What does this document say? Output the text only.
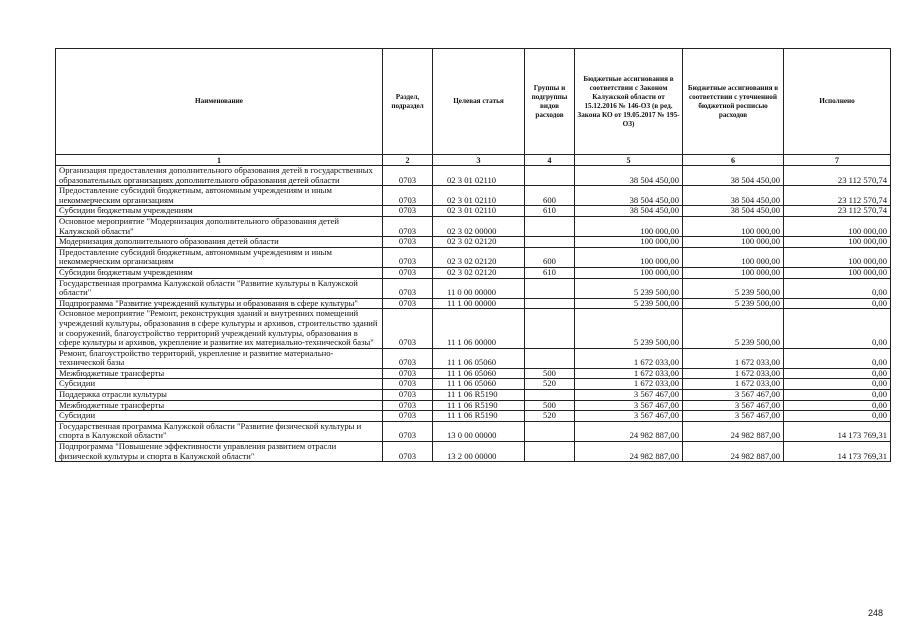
Наименование	Раздел, подраздел	Целевая статья	Группы и подгруппы видов расходов	Бюджетные ассигнования в соответствии с Законом Калужской области от 15.12.2016 № 146-ОЗ (в ред. Закона КО от 19.05.2017 № 195-ОЗ)	Бюджетные ассигнования в соответствии с уточненной бюджетной росписью расходов	Исполнено
1	2	3	4	5	6	7
Организация предоставления дополнительного образования детей в государственных образовательных организациях дополнительного образования детей области	0703	02 3 01 02110		38 504 450,00	38 504 450,00	23 112 570,74
Предоставление субсидий бюджетным, автономным учреждениям и иным некоммерческим организациям	0703	02 3 01 02110	600	38 504 450,00	38 504 450,00	23 112 570,74
Субсидии бюджетным учреждениям	0703	02 3 01 02110	610	38 504 450,00	38 504 450,00	23 112 570,74
Основное мероприятие "Модернизация дополнительного образования детей Калужской области"	0703	02 3 02 00000		100 000,00	100 000,00	100 000,00
Модернизация дополнительного образования детей области	0703	02 3 02 02120		100 000,00	100 000,00	100 000,00
Предоставление субсидий бюджетным, автономным учреждениям и иным некоммерческим организациям	0703	02 3 02 02120	600	100 000,00	100 000,00	100 000,00
Субсидии бюджетным учреждениям	0703	02 3 02 02120	610	100 000,00	100 000,00	100 000,00
Государственная программа Калужской области "Развитие культуры в Калужской области"	0703	11 0 00 00000		5 239 500,00	5 239 500,00	0,00
Подпрограмма "Развитие учреждений культуры и образования в сфере культуры"	0703	11 1 00 00000		5 239 500,00	5 239 500,00	0,00
Основное мероприятие "Ремонт, реконструкция зданий и внутренних помещений учреждений культуры, образования в сфере культуры и архивов, строительство зданий и сооружений, благоустройство территорий учреждений культуры, образования в сфере культуры и архивов, укрепление и развитие их материально-технической базы"	0703	11 1 06 00000		5 239 500,00	5 239 500,00	0,00
Ремонт, благоустройство территорий, укрепление и развитие материально-технической базы	0703	11 1 06 05060		1 672 033,00	1 672 033,00	0,00
Межбюджетные трансферты	0703	11 1 06 05060	500	1 672 033,00	1 672 033,00	0,00
Субсидии	0703	11 1 06 05060	520	1 672 033,00	1 672 033,00	0,00
Поддержка отрасли культуры	0703	11 1 06 R5190		3 567 467,00	3 567 467,00	0,00
Межбюджетные трансферты	0703	11 1 06 R5190	500	3 567 467,00	3 567 467,00	0,00
Субсидии	0703	11 1 06 R5190	520	3 567 467,00	3 567 467,00	0,00
Государственная программа Калужской области "Развитие физической культуры и спорта в Калужской области"	0703	13 0 00 00000		24 982 887,00	24 982 887,00	14 173 769,31
Подпрограмма "Повышение эффективности управления развитием отрасли физической культуры и спорта в Калужской области"	0703	13 2 00 00000		24 982 887,00	24 982 887,00	14 173 769,31
248
